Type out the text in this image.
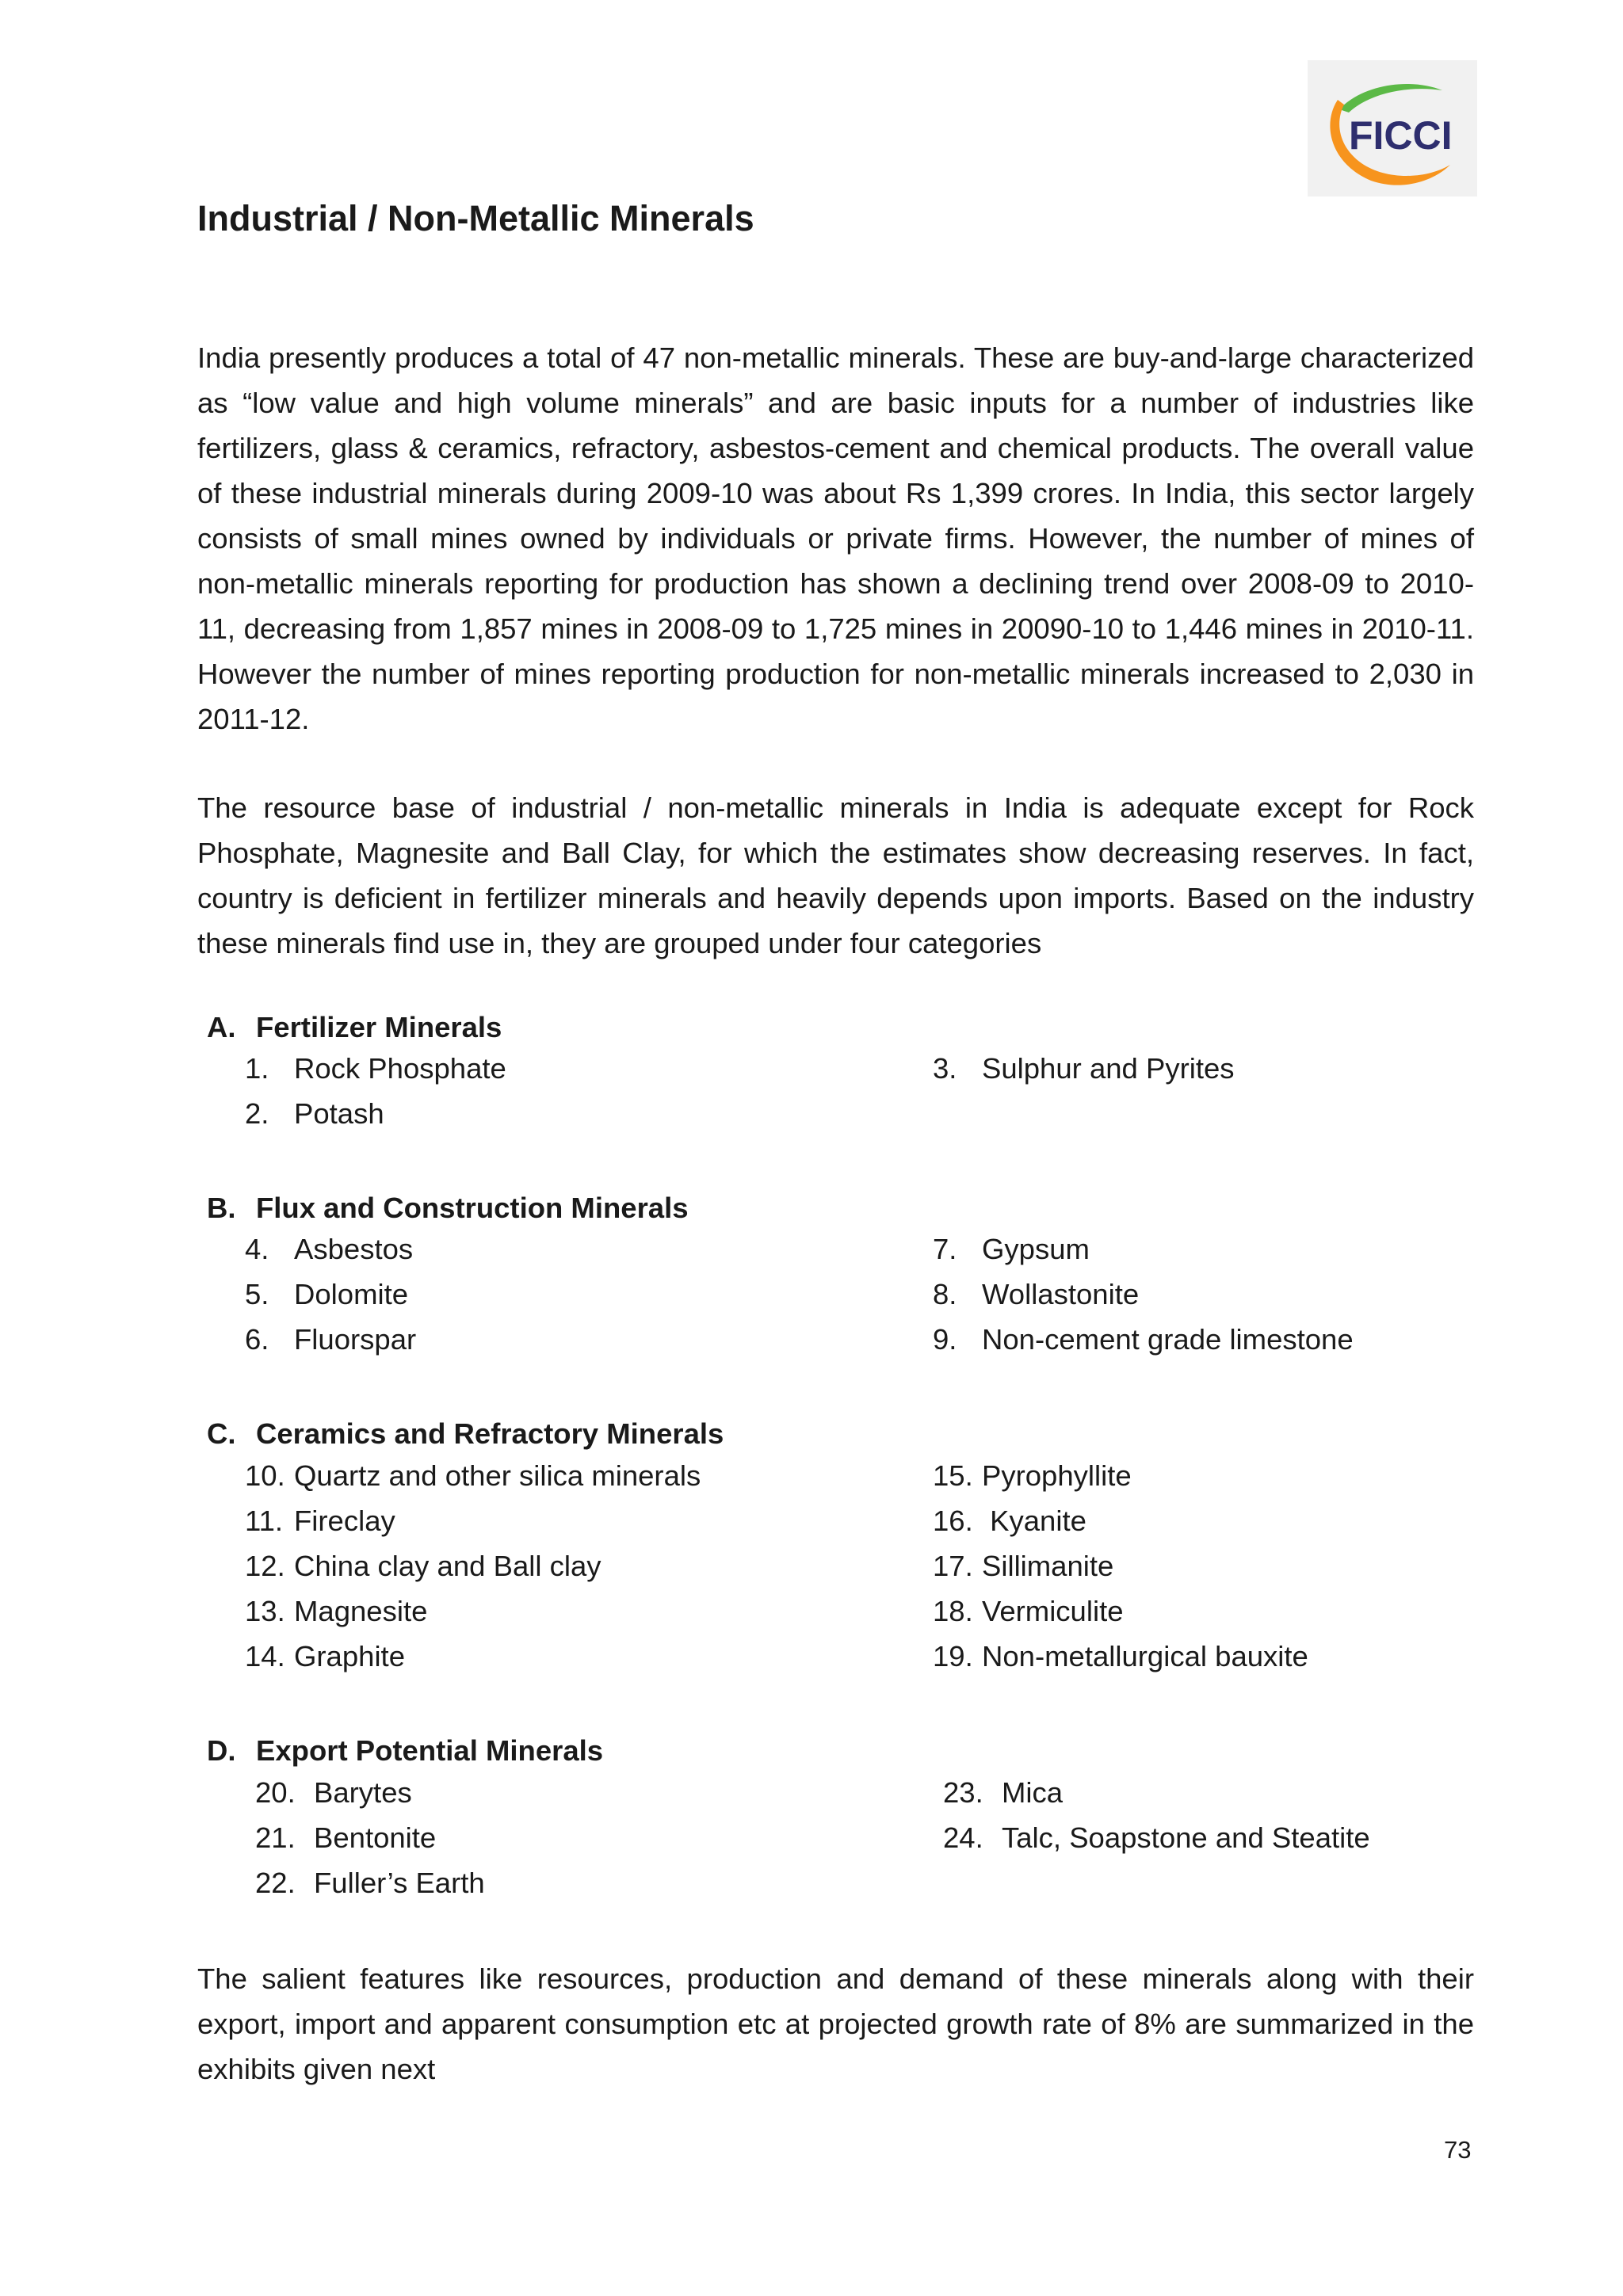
FICCI
Industrial / Non-Metallic Minerals

India presently produces a total of 47 non-metallic minerals. These are buy-and-large characterized as “low value and high volume minerals” and are basic inputs for a number of industries like fertilizers, glass & ceramics, refractory, asbestos-cement and chemical products. The overall value of these industrial minerals during 2009-10 was about Rs 1,399 crores. In India, this sector largely consists of small mines owned by individuals or private firms. However, the number of mines of non-metallic minerals reporting for production has shown a declining trend over 2008-09 to 2010-11, decreasing from 1,857 mines in 2008-09 to 1,725 mines in 20090-10 to 1,446 mines in 2010-11. However the number of mines reporting production for non-metallic minerals increased to 2,030 in 2011-12.

The resource base of industrial / non-metallic minerals in India is adequate except for Rock Phosphate, Magnesite and Ball Clay, for which the estimates show decreasing reserves. In fact, country is deficient in fertilizer minerals and heavily depends upon imports. Based on the industry these minerals find use in, they are grouped under four categories

A. Fertilizer Minerals
1. Rock Phosphate
2. Potash
3. Sulphur and Pyrites
B. Flux and Construction Minerals
4. Asbestos
5. Dolomite
6. Fluorspar
7. Gypsum
8. Wollastonite
9. Non-cement grade limestone
C. Ceramics and Refractory Minerals
10. Quartz and other silica minerals
11. Fireclay
12. China clay and Ball clay
13. Magnesite
14. Graphite
15. Pyrophyllite
16. Kyanite
17. Sillimanite
18. Vermiculite
19. Non-metallurgical bauxite
D. Export Potential Minerals
20. Barytes
21. Bentonite
22. Fuller’s Earth
23. Mica
24. Talc, Soapstone and Steatite

The salient features like resources, production and demand of these minerals along with their export, import and apparent consumption etc at projected growth rate of 8% are summarized in the exhibits given next

73
